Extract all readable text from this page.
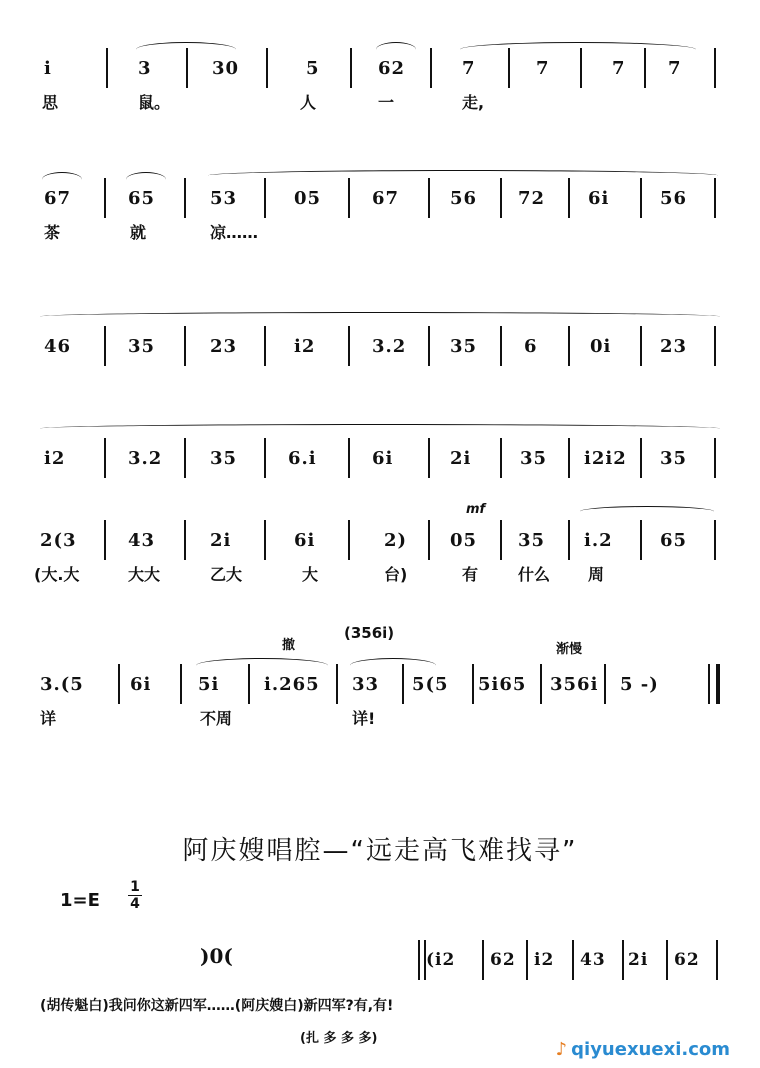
i	3	30	5	62	7	7	7 7
思	鼠。	人	一	走,
67	65	53	05	67	56 72 6i	56
茶	就	凉……
46	35	23	i2	3.2 35	6	0i	23
i2	3.2	35	6.i	6i	2i	35 i2i2 35
mf
2(3	43	2i	6i	2) 05 35 i.2	65
(大.大	大大	乙大	大	台)	有 什么 周
撤
(356i)
渐慢
3.(5	6i	5i i.265 33 5(5 5i65 356i 5 -)
详	不周	详!
阿庆嫂唱腔—“远走高飞难找寻”
1=E
1
4
)0(	(i2 62 i2 43 2i 62
(胡传魁白)我问你这新四军……(阿庆嫂白)新四军?有,有!
(扎 多 多 多)
♪ qiyuexuexi.com
